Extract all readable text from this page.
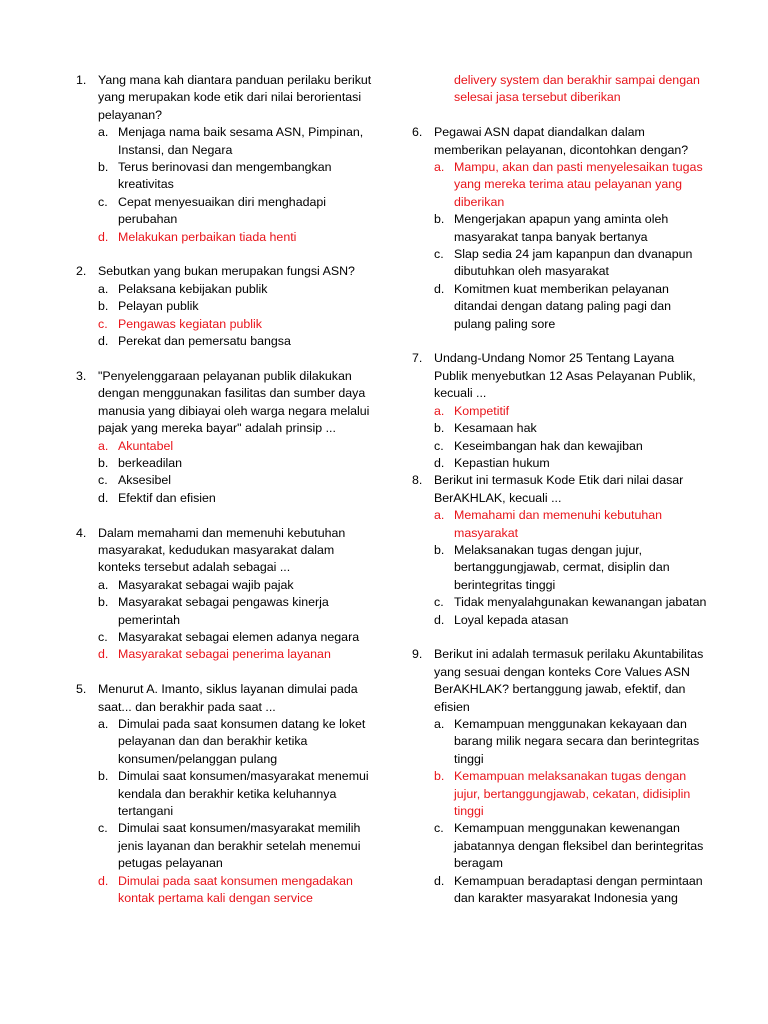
1. Yang mana kah diantara panduan perilaku berikut yang merupakan kode etik dari nilai berorientasi pelayanan?
a. Menjaga nama baik sesama ASN, Pimpinan, Instansi, dan Negara
b. Terus berinovasi dan mengembangkan kreativitas
c. Cepat menyesuaikan diri menghadapi perubahan
d. Melakukan perbaikan tiada henti
2. Sebutkan yang bukan merupakan fungsi ASN?
a. Pelaksana kebijakan publik
b. Pelayan publik
c. Pengawas kegiatan publik
d. Perekat dan pemersatu bangsa
3. "Penyelenggaraan pelayanan publik dilakukan dengan menggunakan fasilitas dan sumber daya manusia yang dibiayai oleh warga negara melalui pajak yang mereka bayar" adalah prinsip ...
a. Akuntabel
b. berkeadilan
c. Aksesibel
d. Efektif dan efisien
4. Dalam memahami dan memenuhi kebutuhan masyarakat, kedudukan masyarakat dalam konteks tersebut adalah sebagai ...
a. Masyarakat sebagai wajib pajak
b. Masyarakat sebagai pengawas kinerja pemerintah
c. Masyarakat sebagai elemen adanya negara
d. Masyarakat sebagai penerima layanan
5. Menurut A. Imanto, siklus layanan dimulai pada saat... dan berakhir pada saat ...
a. Dimulai pada saat konsumen datang ke loket pelayanan dan dan berakhir ketika konsumen/pelanggan pulang
b. Dimulai saat konsumen/masyarakat menemui kendala dan berakhir ketika keluhannya tertangani
c. Dimulai saat konsumen/masyarakat memilih jenis layanan dan berakhir setelah menemui petugas pelayanan
d. Dimulai pada saat konsumen mengadakan kontak pertama kali dengan service
delivery system dan berakhir sampai dengan selesai jasa tersebut diberikan
6. Pegawai ASN dapat diandalkan dalam memberikan pelayanan, dicontohkan dengan?
a. Mampu, akan dan pasti menyelesaikan tugas yang mereka terima atau pelayanan yang diberikan
b. Mengerjakan apapun yang aminta oleh masyarakat tanpa banyak bertanya
c. Slap sedia 24 jam kapanpun dan dvanapun dibutuhkan oleh masyarakat
d. Komitmen kuat memberikan pelayanan ditandai dengan datang paling pagi dan pulang paling sore
7. Undang-Undang Nomor 25 Tentang Layana Publik menyebutkan 12 Asas Pelayanan Publik, kecuali ...
a. Kompetitif
b. Kesamaan hak
c. Keseimbangan hak dan kewajiban
d. Kepastian hukum
8. Berikut ini termasuk Kode Etik dari nilai dasar BerAKHLAK, kecuali ...
a. Memahami dan memenuhi kebutuhan masyarakat
b. Melaksanakan tugas dengan jujur, bertanggungjawab, cermat, disiplin dan berintegritas tinggi
c. Tidak menyalahgunakan kewanangan jabatan
d. Loyal kepada atasan
9. Berikut ini adalah termasuk perilaku Akuntabilitas yang sesuai dengan konteks Core Values ASN BerAKHLAK? bertanggung jawab, efektif, dan efisien
a. Kemampuan menggunakan kekayaan dan barang milik negara secara dan berintegritas tinggi
b. Kemampuan melaksanakan tugas dengan jujur, bertanggungjawab, cekatan, didisiplin tinggi
c. Kemampuan menggunakan kewenangan jabatannya dengan fleksibel dan berintegritas beragam
d. Kemampuan beradaptasi dengan permintaan dan karakter masyarakat Indonesia yang
